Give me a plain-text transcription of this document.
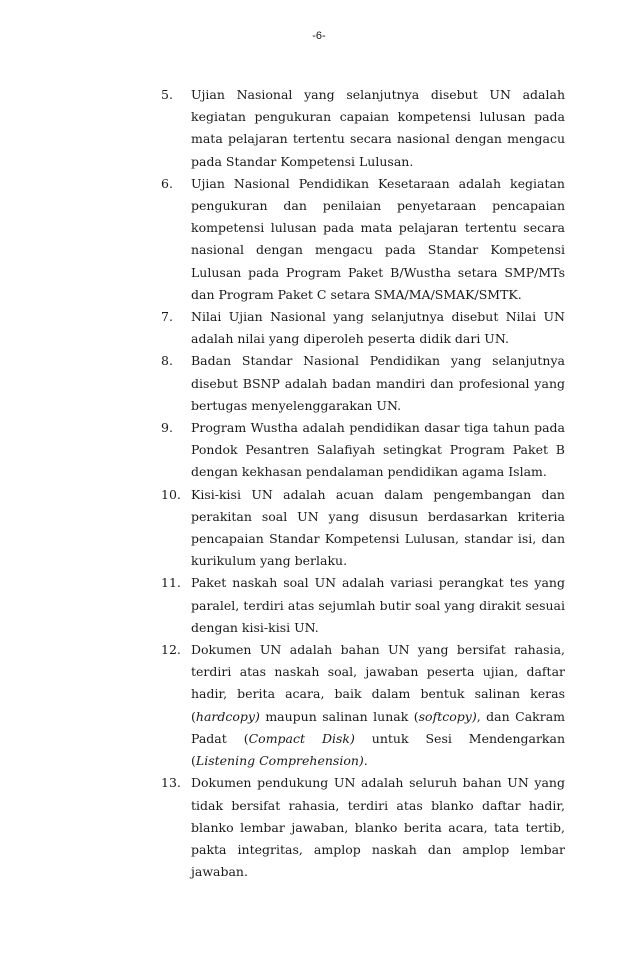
-6-
5.	Ujian Nasional yang selanjutnya disebut UN adalah kegiatan pengukuran capaian kompetensi lulusan pada mata pelajaran tertentu secara nasional dengan mengacu pada Standar Kompetensi Lulusan.
6.	Ujian Nasional Pendidikan Kesetaraan adalah kegiatan pengukuran dan penilaian penyetaraan pencapaian kompetensi lulusan pada mata pelajaran tertentu secara nasional dengan mengacu pada Standar Kompetensi Lulusan pada Program Paket B/Wustha setara SMP/MTs dan Program Paket C setara SMA/MA/SMAK/SMTK.
7.	Nilai Ujian Nasional yang selanjutnya disebut Nilai UN adalah nilai yang diperoleh peserta didik dari UN.
8.	Badan Standar Nasional Pendidikan yang selanjutnya disebut BSNP adalah badan mandiri dan profesional yang bertugas menyelenggarakan UN.
9.	Program Wustha adalah pendidikan dasar tiga tahun pada Pondok Pesantren Salafiyah setingkat Program Paket B dengan kekhasan pendalaman pendidikan agama Islam.
10. Kisi-kisi UN adalah acuan dalam pengembangan dan perakitan soal UN yang disusun berdasarkan kriteria pencapaian Standar Kompetensi Lulusan, standar isi, dan kurikulum yang berlaku.
11. Paket naskah soal UN adalah variasi perangkat tes yang paralel, terdiri atas sejumlah butir soal yang dirakit sesuai dengan kisi-kisi UN.
12. Dokumen UN adalah bahan UN yang bersifat rahasia, terdiri atas naskah soal, jawaban peserta ujian, daftar hadir, berita acara, baik dalam bentuk salinan keras (hardcopy) maupun salinan lunak (softcopy), dan Cakram Padat (Compact Disk) untuk Sesi Mendengarkan (Listening Comprehension).
13. Dokumen pendukung UN adalah seluruh bahan UN yang tidak bersifat rahasia, terdiri atas blanko daftar hadir, blanko lembar jawaban, blanko berita acara, tata tertib, pakta integritas, amplop naskah dan amplop lembar jawaban.
